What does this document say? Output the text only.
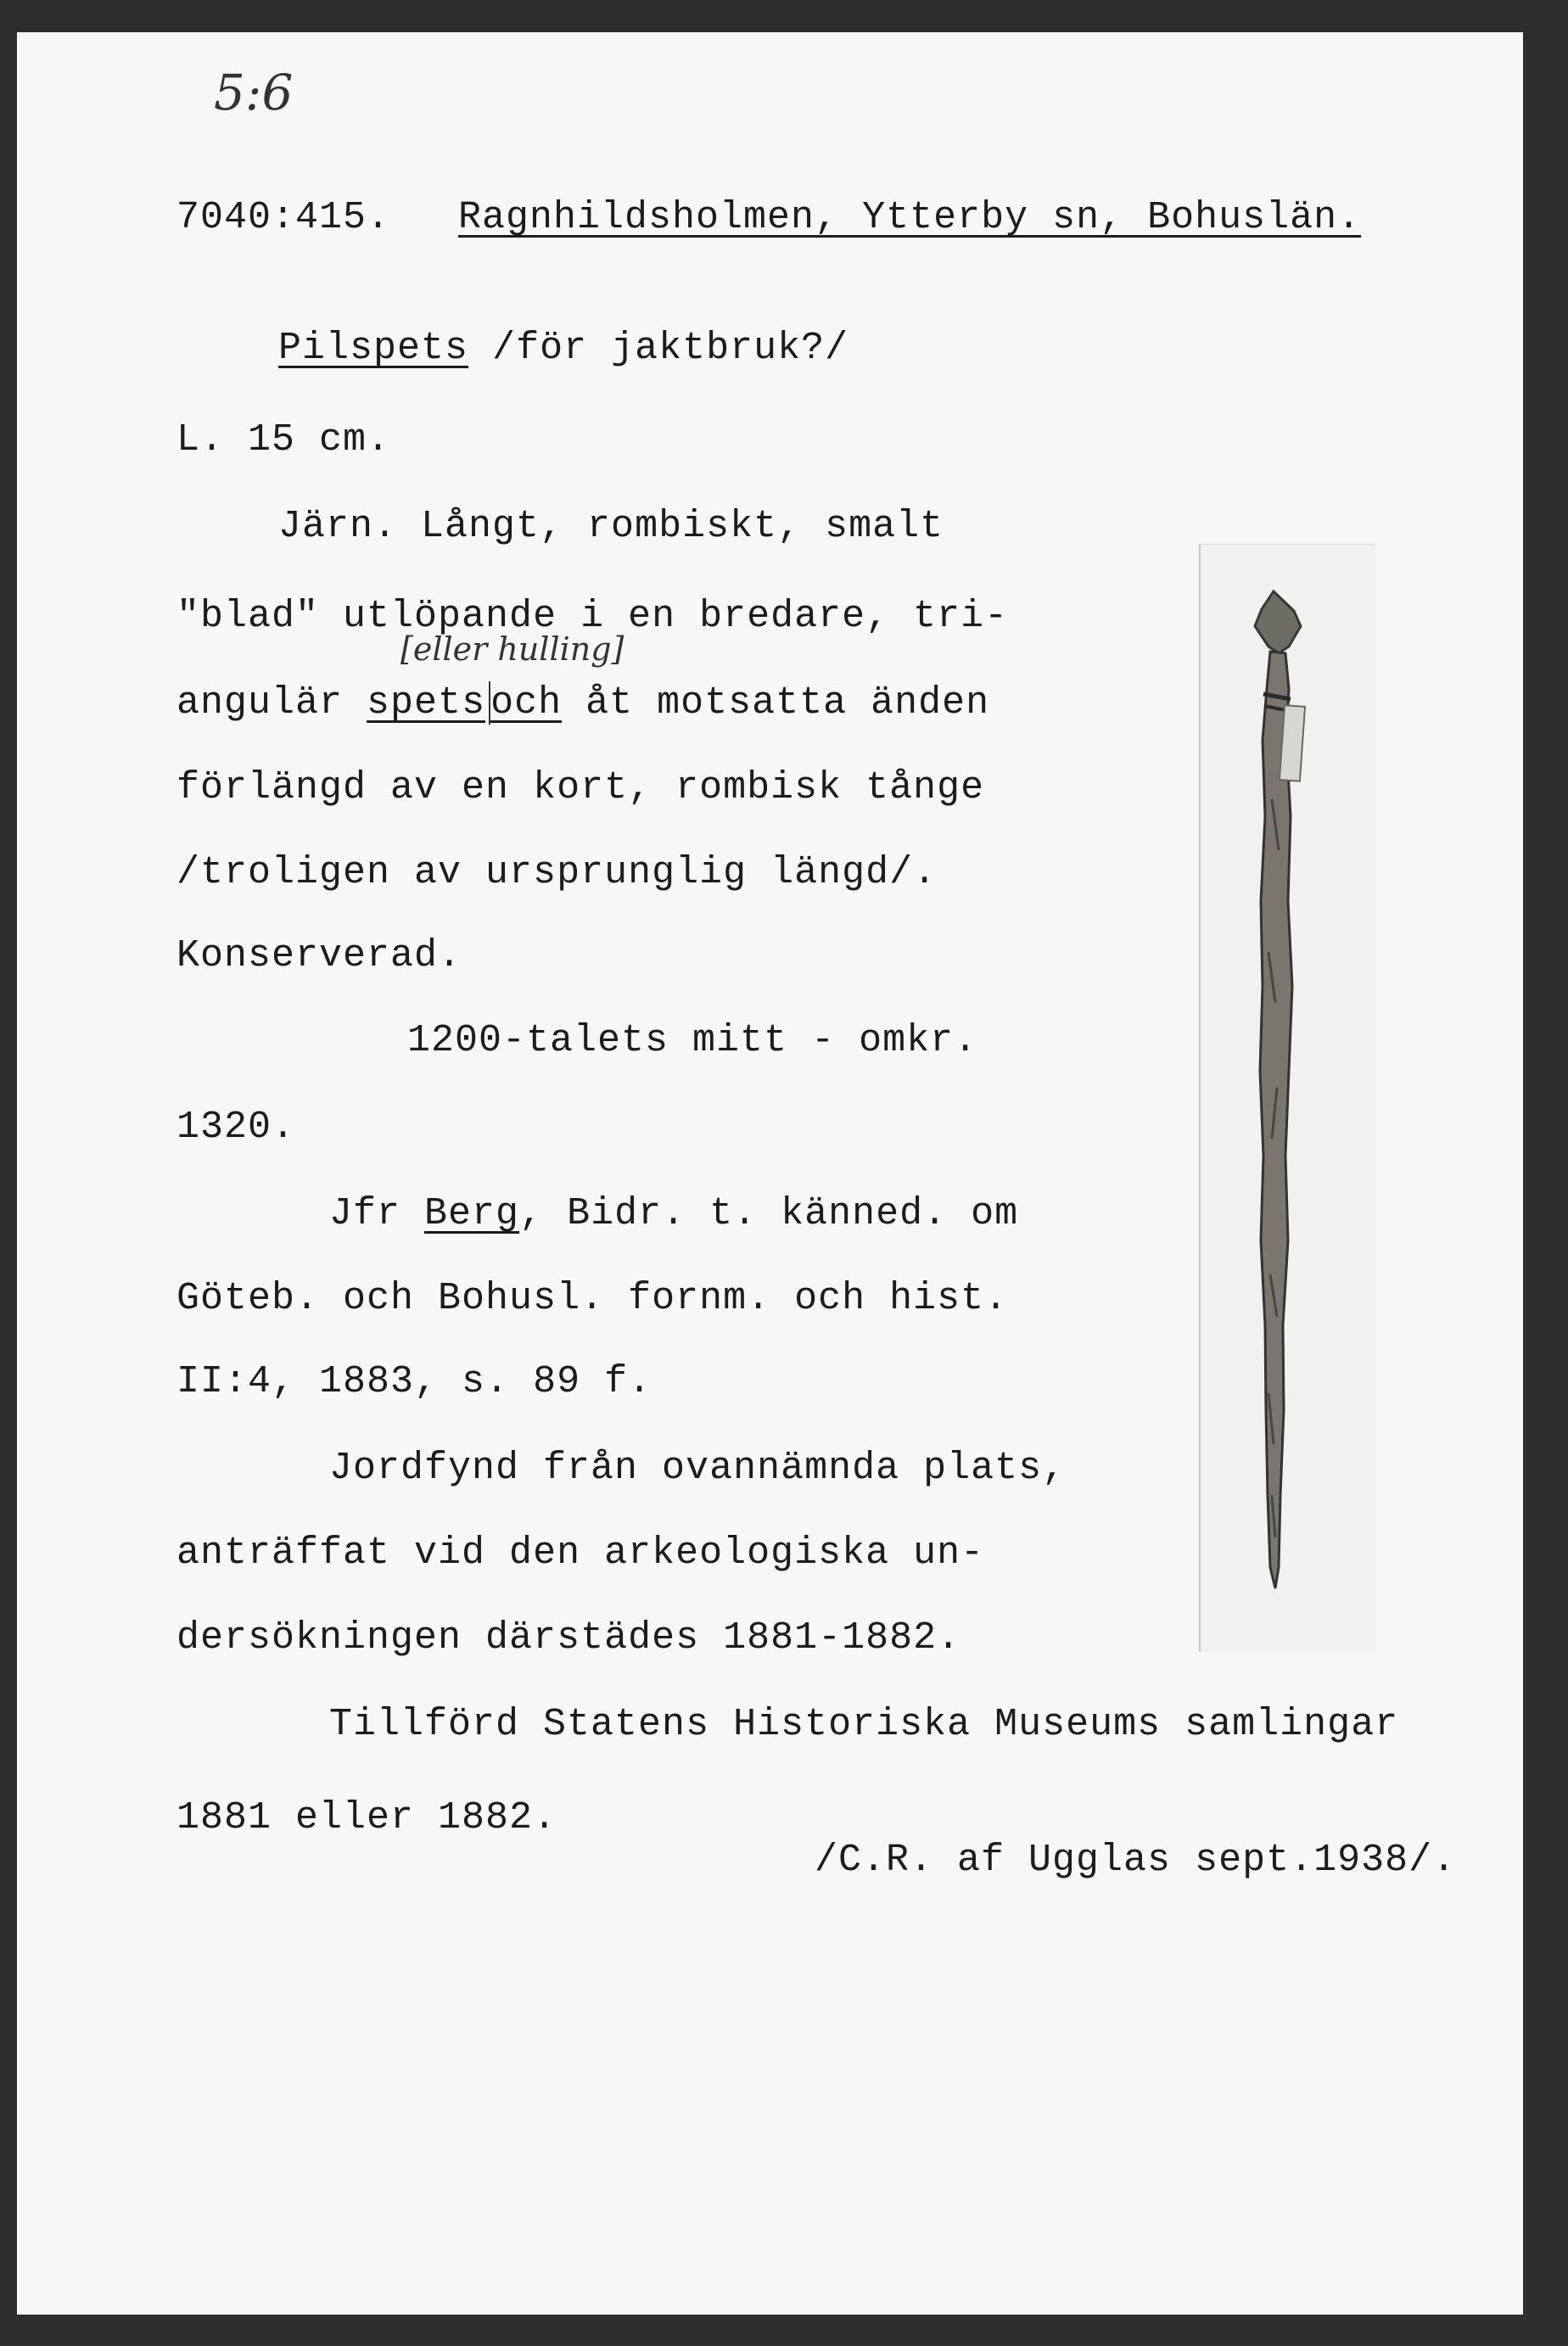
5:6
7040:415. Ragnhildsholmen, Ytterby sn, Bohuslän.
Pilspets /för jaktbruk?/
L. 15 cm.
Järn. Långt, rombiskt, smalt
"blad" utlöpande i en bredare, tri-
[eller hulling]
angulär spets och åt motsatta änden
förlängd av en kort, rombisk tånge
/troligen av ursprunglig längd/.
Konserverad.
1200-talets mitt - omkr.
1320.
Jfr Berg, Bidr. t. känned. om
Göteb. och Bohusl. fornm. och hist.
II:4, 1883, s. 89 f.
Jordfynd från ovannämnda plats,
anträffat vid den arkeologiska un-
dersökningen därstädes 1881-1882.
Tillförd Statens Historiska Museums samlingar
1881 eller 1882.
/C.R. af Ugglas sept.1938/.
